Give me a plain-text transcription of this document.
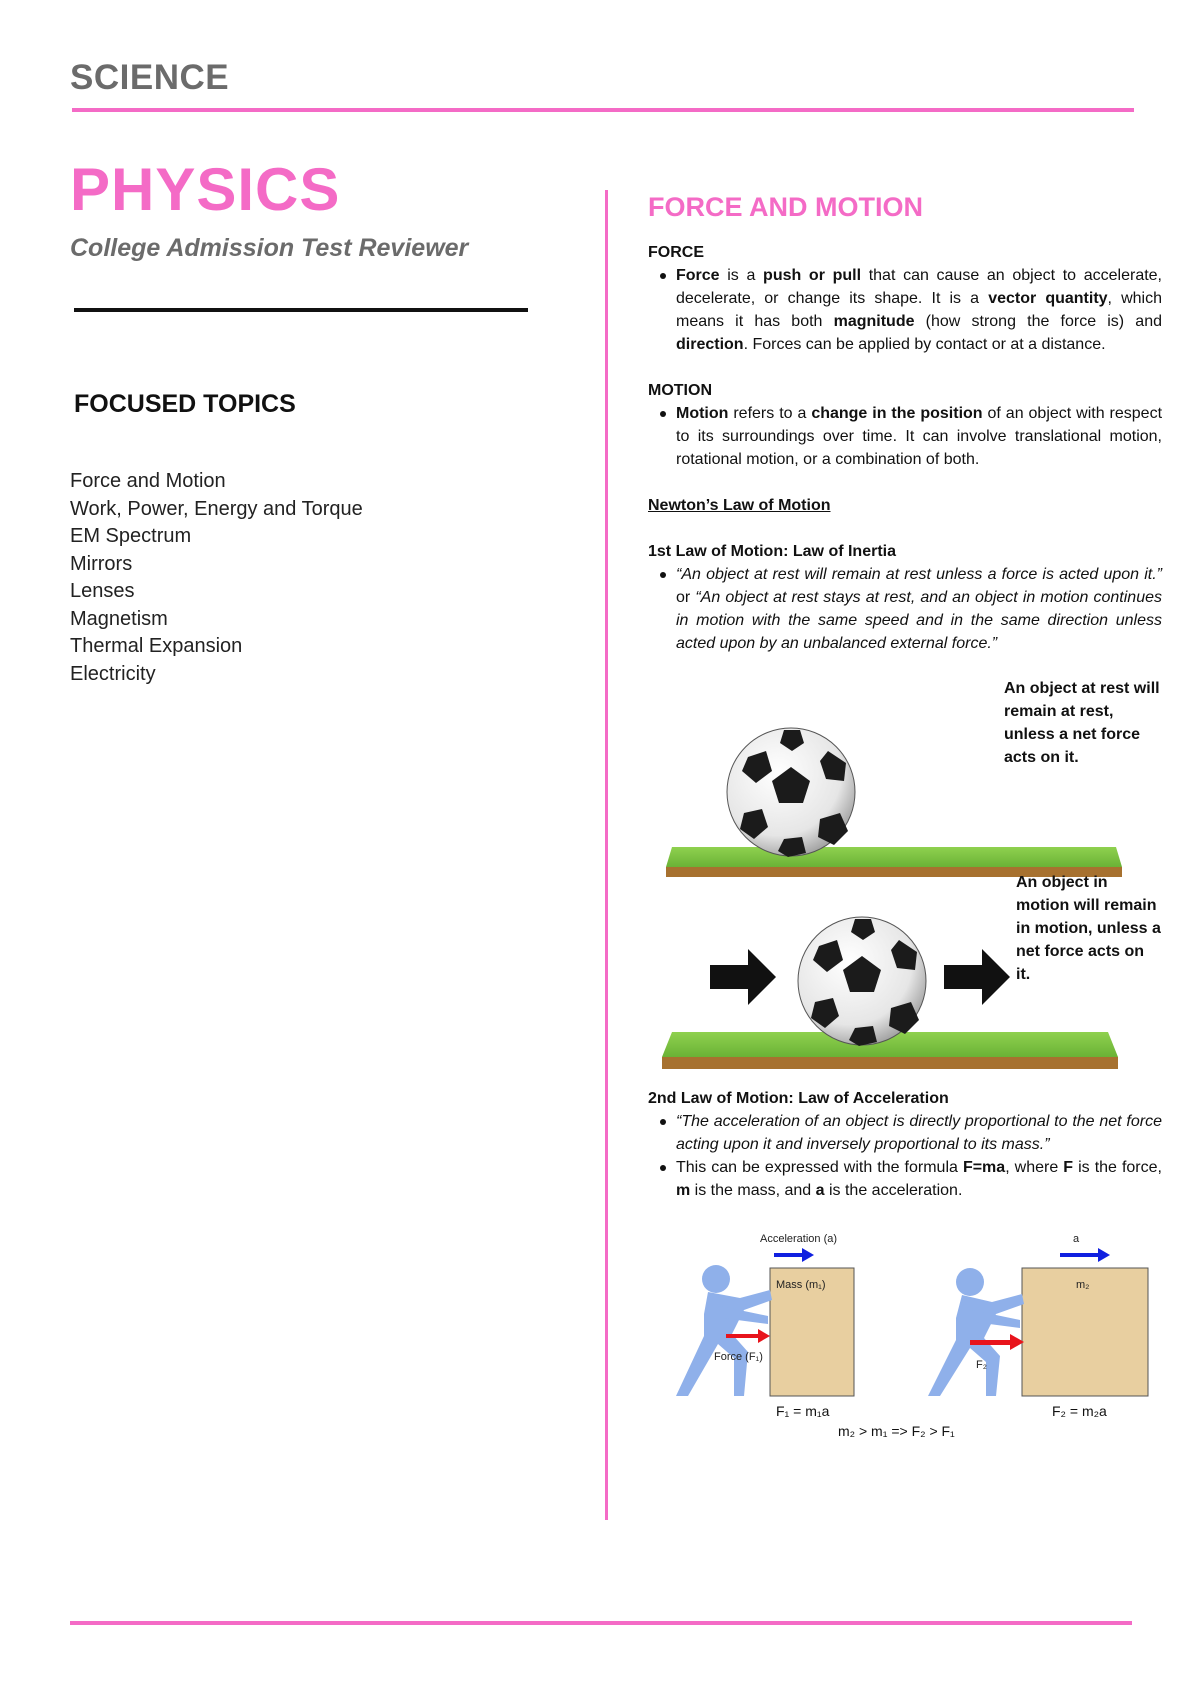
SCIENCE
PHYSICS
College Admission Test Reviewer
FOCUSED TOPICS
Force and Motion
Work, Power, Energy and Torque
EM Spectrum
Mirrors
Lenses
Magnetism
Thermal Expansion
Electricity
FORCE AND MOTION
FORCE
Force is a push or pull that can cause an object to accelerate, decelerate, or change its shape. It is a vector quantity, which means it has both magnitude (how strong the force is) and direction. Forces can be applied by contact or at a distance.
MOTION
Motion refers to a change in the position of an object with respect to its surroundings over time. It can involve translational motion, rotational motion, or a combination of both.
Newton’s Law of Motion
1st Law of Motion: Law of Inertia
“An object at rest will remain at rest unless a force is acted upon it.” or “An object at rest stays at rest, and an object in motion continues in motion with the same speed and in the same direction unless acted upon by an unbalanced external force.”
An object at rest will remain at rest, unless a net force acts on it.
An object in motion will remain in motion, unless a net force acts on it.
2nd Law of Motion: Law of Acceleration
“The acceleration of an object is directly proportional to the net force acting upon it and inversely proportional to its mass.”
This can be expressed with the formula F=ma, where F is the force, m is the mass, and a is the acceleration.
Acceleration (a)	a
Mass (m₁)	m₂
Force (F₁)
F₂
F₁ = m₁a	F₂ = m₂a
m₂ > m₁ => F₂ > F₁
